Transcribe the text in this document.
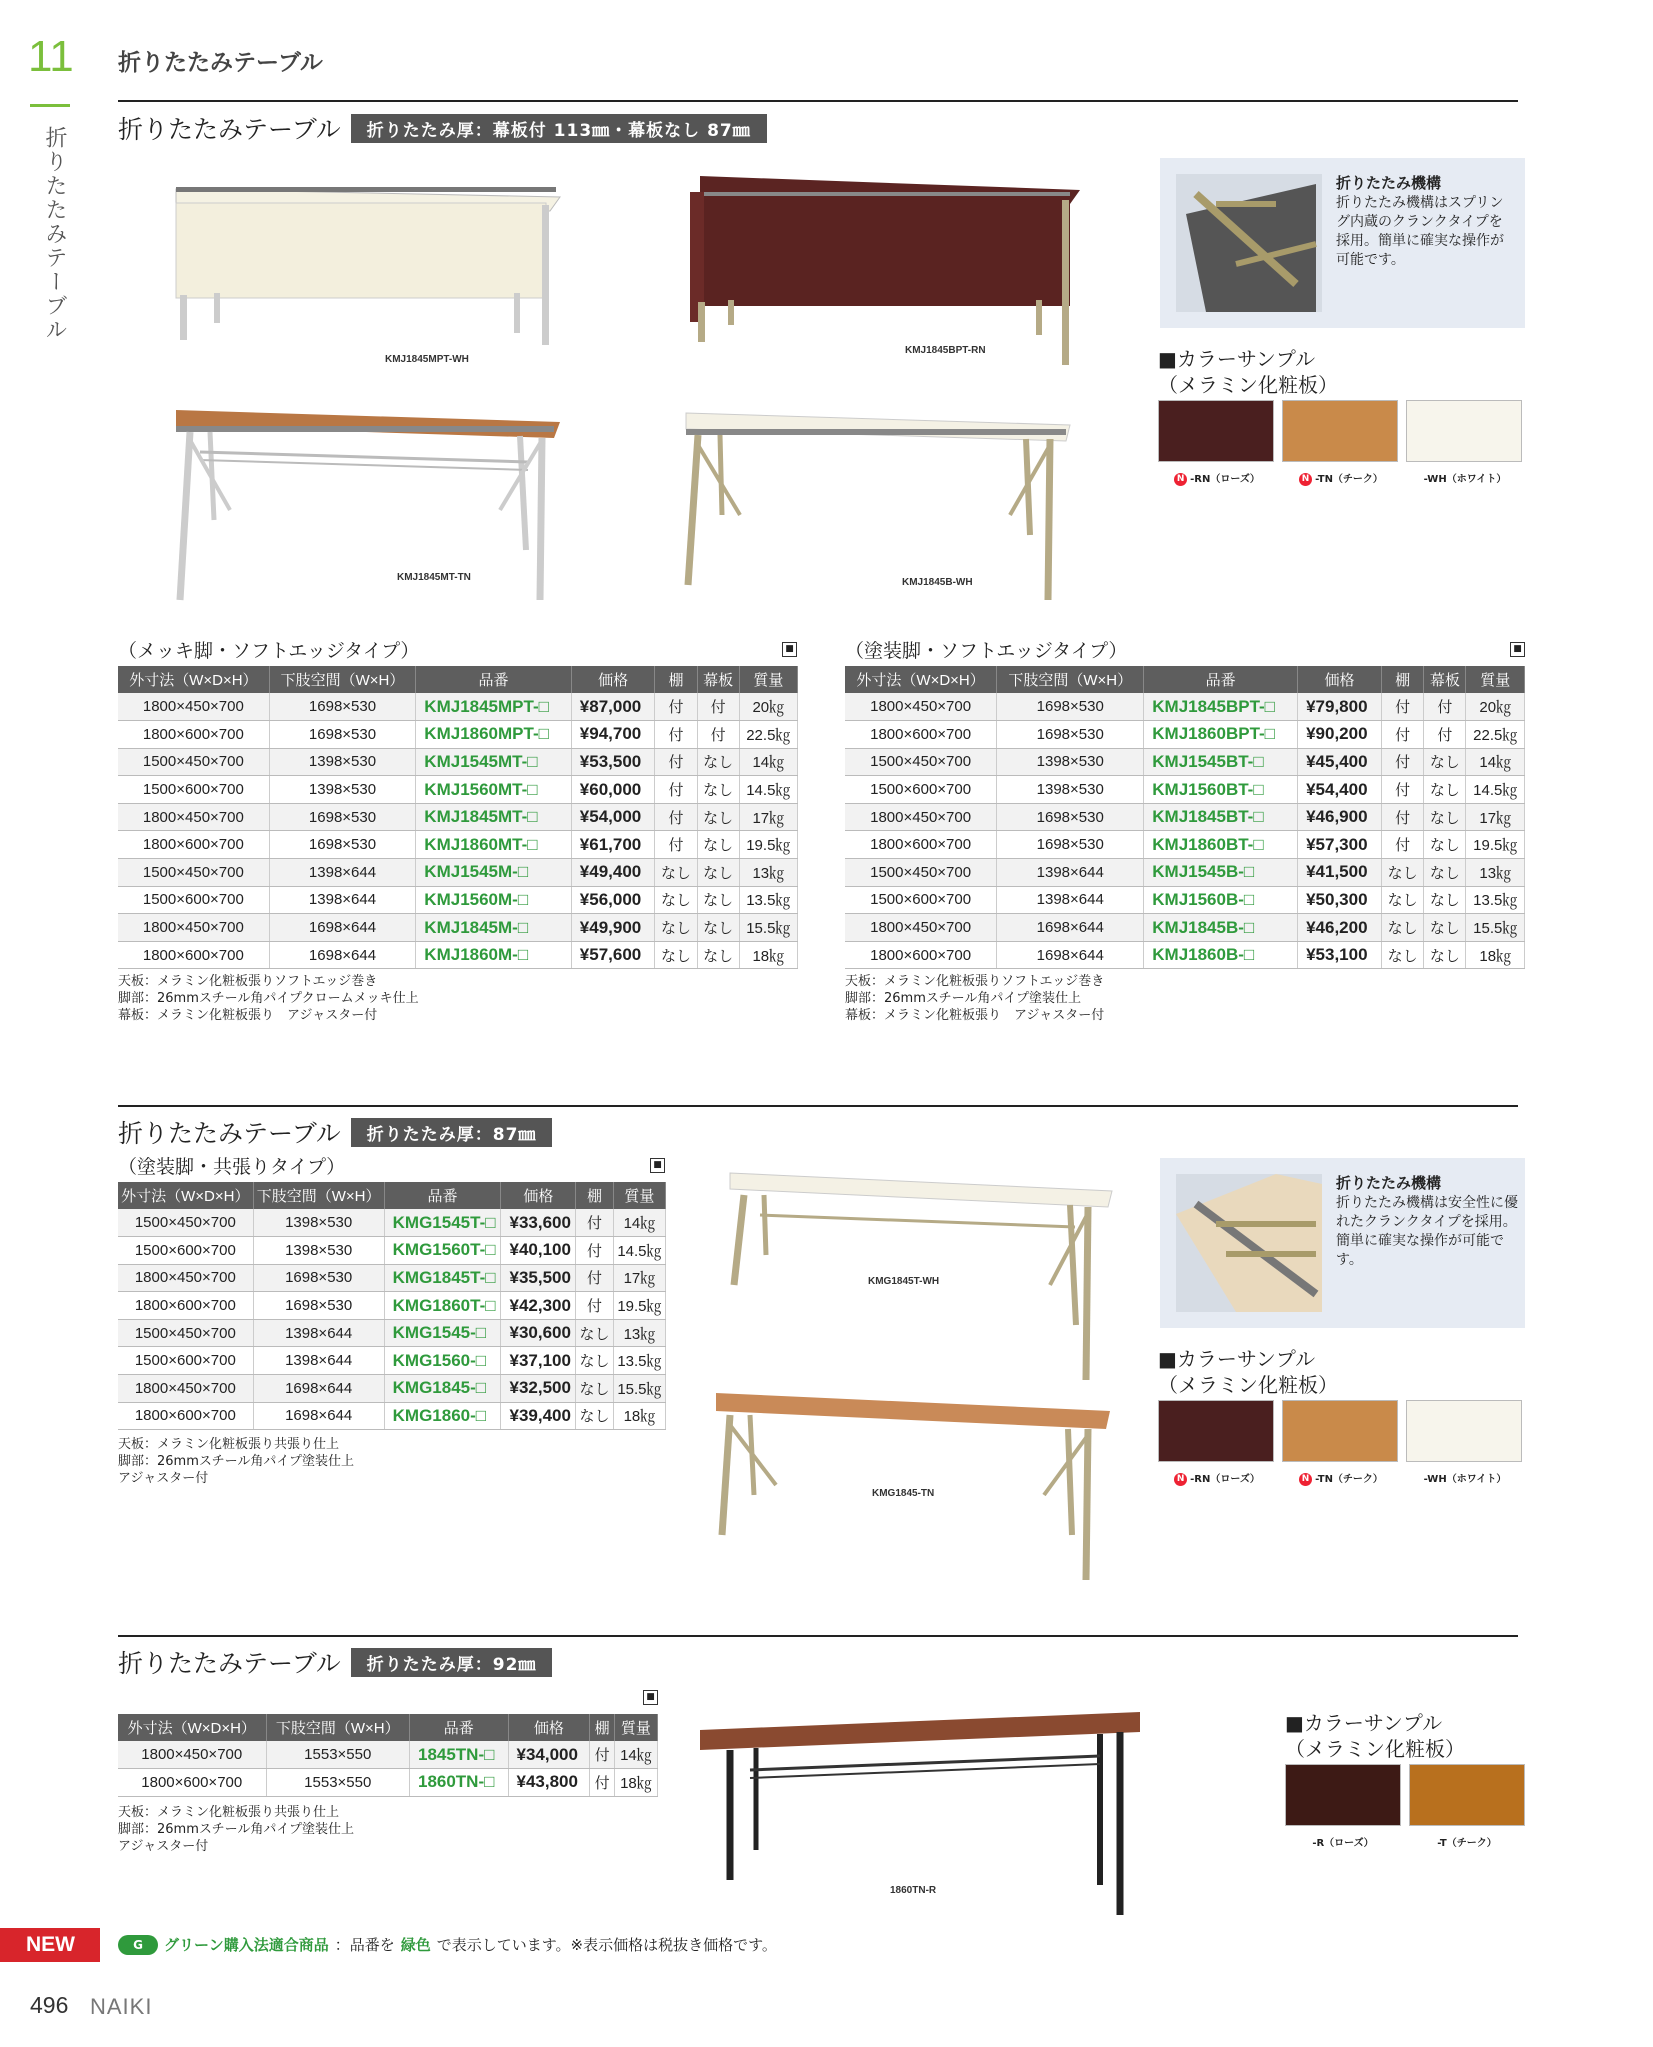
11
折りたたみテーブル
折りたたみテーブル
折りたたみテーブル	折りたたみ厚：幕板付 113㎜・幕板なし 87㎜
KMJ1845MPT-WH
KMJ1845BPT-RN
KMJ1845MT-TN	KMJ1845B-WH
折りたたみ機構
折りたたみ機構はスプリング内蔵のクランクタイプを採用。簡単に確実な操作が可能です。
■カラーサンプル
（メラミン化粧板）
N -RN（ローズ）	N -TN（チーク）	-WH（ホワイト）
（メッキ脚・ソフトエッジタイプ）	■
外寸法（W×D×H）	下肢空間（W×H）	品番	価格	棚	幕板	質量
1800×450×700	1698×530	KMJ1845MPT-□	¥87,000	付	付	20㎏
1800×600×700	1698×530	KMJ1860MPT-□	¥94,700	付	付	22.5㎏
1500×450×700	1398×530	KMJ1545MT-□	¥53,500	付	なし	14㎏
1500×600×700	1398×530	KMJ1560MT-□	¥60,000	付	なし	14.5㎏
1800×450×700	1698×530	KMJ1845MT-□	¥54,000	付	なし	17㎏
1800×600×700	1698×530	KMJ1860MT-□	¥61,700	付	なし	19.5㎏
1500×450×700	1398×644	KMJ1545M-□	¥49,400	なし	なし	13㎏
1500×600×700	1398×644	KMJ1560M-□	¥56,000	なし	なし	13.5㎏
1800×450×700	1698×644	KMJ1845M-□	¥49,900	なし	なし	15.5㎏
1800×600×700	1698×644	KMJ1860M-□	¥57,600	なし	なし	18㎏
天板：メラミン化粧板張りソフトエッジ巻き
脚部：26mmスチール角パイプクロームメッキ仕上
幕板：メラミン化粧板張り　アジャスター付
（塗装脚・ソフトエッジタイプ）	■
外寸法（W×D×H）	下肢空間（W×H）	品番	価格	棚	幕板	質量
1800×450×700	1698×530	KMJ1845BPT-□	¥79,800	付	付	20㎏
1800×600×700	1698×530	KMJ1860BPT-□	¥90,200	付	付	22.5㎏
1500×450×700	1398×530	KMJ1545BT-□	¥45,400	付	なし	14㎏
1500×600×700	1398×530	KMJ1560BT-□	¥54,400	付	なし	14.5㎏
1800×450×700	1698×530	KMJ1845BT-□	¥46,900	付	なし	17㎏
1800×600×700	1698×530	KMJ1860BT-□	¥57,300	付	なし	19.5㎏
1500×450×700	1398×644	KMJ1545B-□	¥41,500	なし	なし	13㎏
1500×600×700	1398×644	KMJ1560B-□	¥50,300	なし	なし	13.5㎏
1800×450×700	1698×644	KMJ1845B-□	¥46,200	なし	なし	15.5㎏
1800×600×700	1698×644	KMJ1860B-□	¥53,100	なし	なし	18㎏
天板：メラミン化粧板張りソフトエッジ巻き
脚部：26mmスチール角パイプ塗装仕上
幕板：メラミン化粧板張り　アジャスター付
折りたたみテーブル	折りたたみ厚：87㎜
（塗装脚・共張りタイプ）	■
外寸法（W×D×H）	下肢空間（W×H）	品番	価格	棚	質量
1500×450×700	1398×530	KMG1545T-□	¥33,600	付	14㎏
1500×600×700	1398×530	KMG1560T-□	¥40,100	付	14.5㎏
1800×450×700	1698×530	KMG1845T-□	¥35,500	付	17㎏
1800×600×700	1698×530	KMG1860T-□	¥42,300	付	19.5㎏
1500×450×700	1398×644	KMG1545-□	¥30,600	なし	13㎏
1500×600×700	1398×644	KMG1560-□	¥37,100	なし	13.5㎏
1800×450×700	1698×644	KMG1845-□	¥32,500	なし	15.5㎏
1800×600×700	1698×644	KMG1860-□	¥39,400	なし	18㎏
天板：メラミン化粧板張り共張り仕上
脚部：26mmスチール角パイプ塗装仕上
アジャスター付
KMG1845T-WH
KMG1845-TN
折りたたみ機構
折りたたみ機構は安全性に優れたクランクタイプを採用。簡単に確実な操作が可能です。
■カラーサンプル
（メラミン化粧板）
N -RN（ローズ）	N -TN（チーク）	-WH（ホワイト）
折りたたみテーブル	折りたたみ厚：92㎜
■
外寸法（W×D×H）	下肢空間（W×H）	品番	価格	棚	質量
1800×450×700	1553×550	1845TN-□	¥34,000	付	14㎏
1800×600×700	1553×550	1860TN-□	¥43,800	付	18㎏
天板：メラミン化粧板張り共張り仕上
脚部：26mmスチール角パイプ塗装仕上
アジャスター付
1860TN-R
■カラーサンプル
（メラミン化粧板）
-R（ローズ）	-T（チーク）
NEW	G	グリーン購入法適合商品 ：品番を 緑色 で表示しています。※表示価格は税抜き価格です。
496 NAIKI
